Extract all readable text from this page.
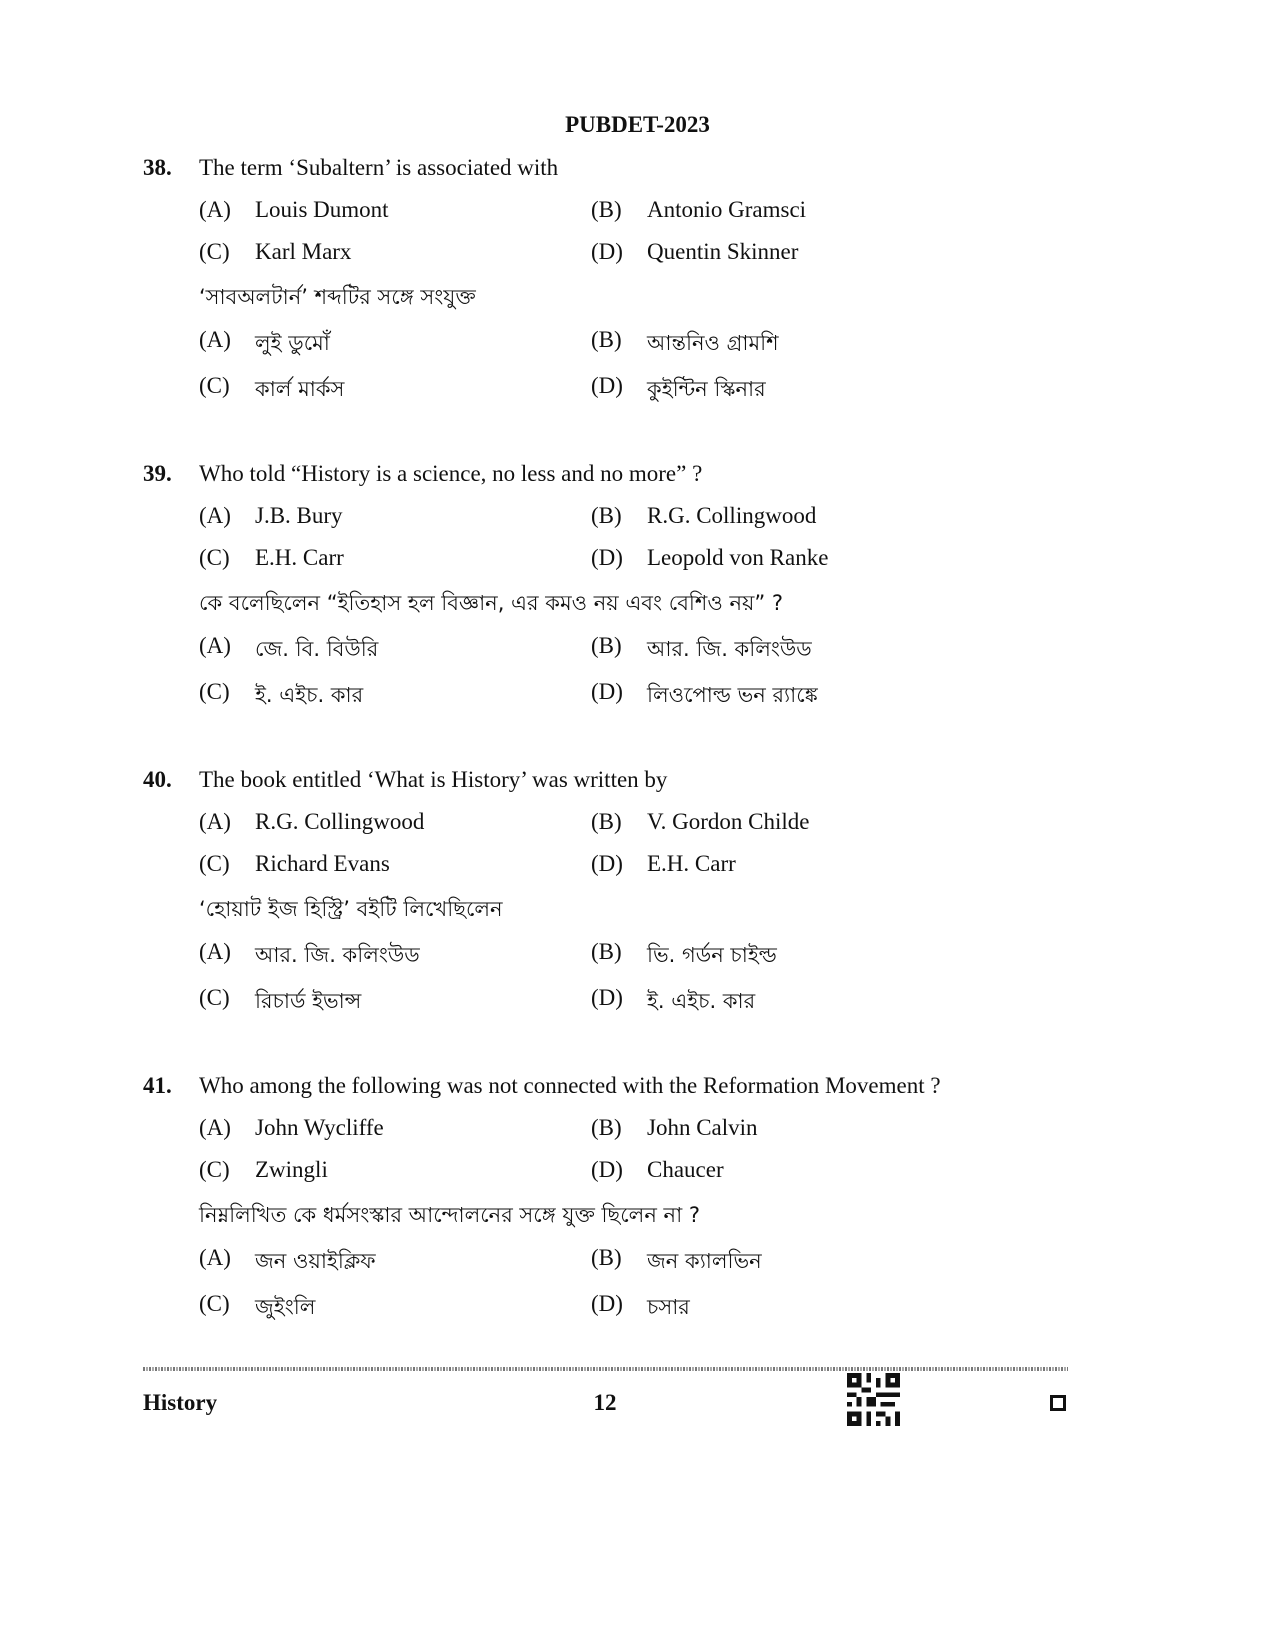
PUBDET-2023
38.	The term ‘Subaltern’ is associated with
(A)	Louis Dumont	(B)	Antonio Gramsci
(C)	Karl Marx	(D)	Quentin Skinner
‘সাবঅলটার্ন’ শব্দটির সঙ্গে সংযুক্ত
(A)	লুই ডুমোঁ	(B)	আন্তনিও গ্রামশি
(C)	কার্ল মার্কস	(D)	কুইন্টিন স্কিনার
39.	Who told “History is a science, no less and no more” ?
(A)	J.B. Bury	(B)	R.G. Collingwood
(C)	E.H. Carr	(D)	Leopold von Ranke
কে বলেছিলেন “ইতিহাস হল বিজ্ঞান, এর কমও নয় এবং বেশিও নয়” ?
(A)	জে. বি. বিউরি	(B)	আর. জি. কলিংউড
(C)	ই. এইচ. কার	(D)	লিওপোল্ড ভন র‍্যাঙ্কে
40.	The book entitled ‘What is History’ was written by
(A)	R.G. Collingwood	(B)	V. Gordon Childe
(C)	Richard Evans	(D)	E.H. Carr
‘হোয়াট ইজ হিস্ট্রি’ বইটি লিখেছিলেন
(A)	আর. জি. কলিংউড	(B)	ভি. গর্ডন চাইল্ড
(C)	রিচার্ড ইভান্স	(D)	ই. এইচ. কার
41.	Who among the following was not connected with the Reformation Movement ?
(A)	John Wycliffe	(B)	John Calvin
(C)	Zwingli	(D)	Chaucer
নিম্নলিখিত কে ধর্মসংস্কার আন্দোলনের সঙ্গে যুক্ত ছিলেন না ?
(A)	জন ওয়াইক্লিফ	(B)	জন ক্যালভিন
(C)	জুইংলি	(D)	চসার
History	12
